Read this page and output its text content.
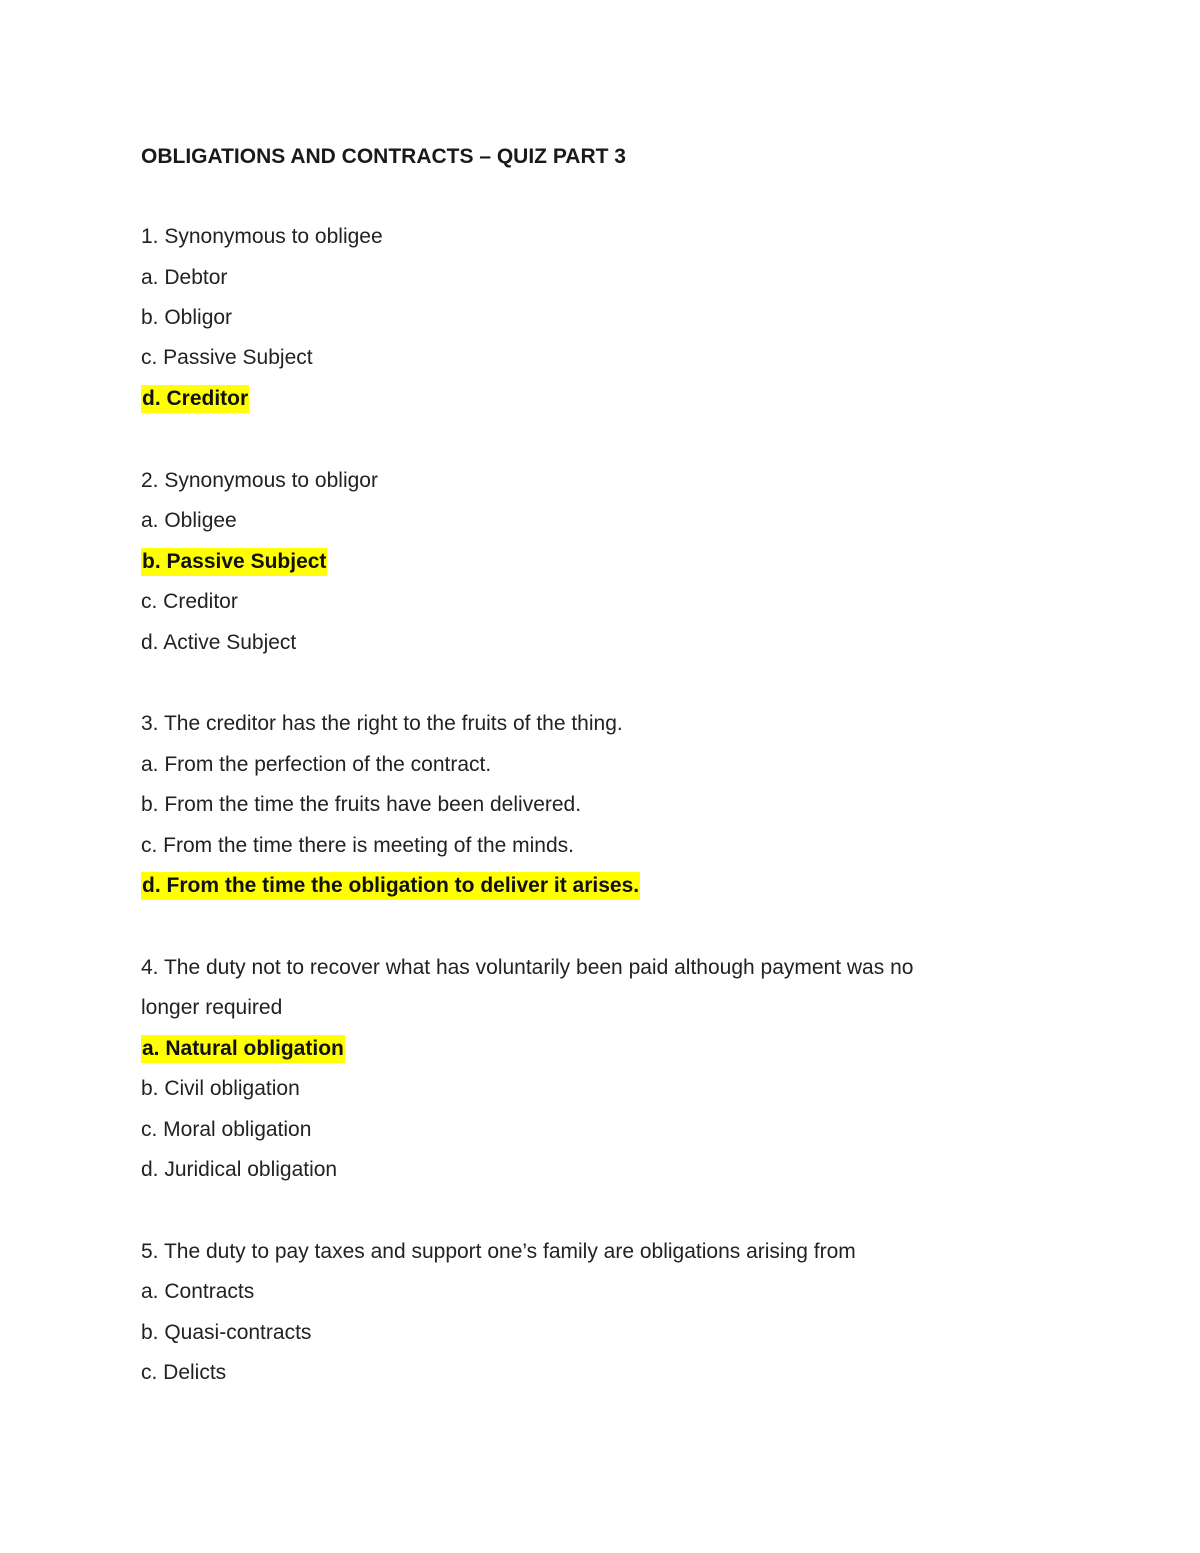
OBLIGATIONS AND CONTRACTS – QUIZ PART 3
1. Synonymous to obligee
a. Debtor
b. Obligor
c. Passive Subject
d. Creditor
2. Synonymous to obligor
a. Obligee
b. Passive Subject
c. Creditor
d. Active Subject
3. The creditor has the right to the fruits of the thing.
a. From the perfection of the contract.
b. From the time the fruits have been delivered.
c. From the time there is meeting of the minds.
d. From the time the obligation to deliver it arises.
4. The duty not to recover what has voluntarily been paid although payment was no
longer required
a. Natural obligation
b. Civil obligation
c. Moral obligation
d. Juridical obligation
5. The duty to pay taxes and support one’s family are obligations arising from
a. Contracts
b. Quasi-contracts
c. Delicts
